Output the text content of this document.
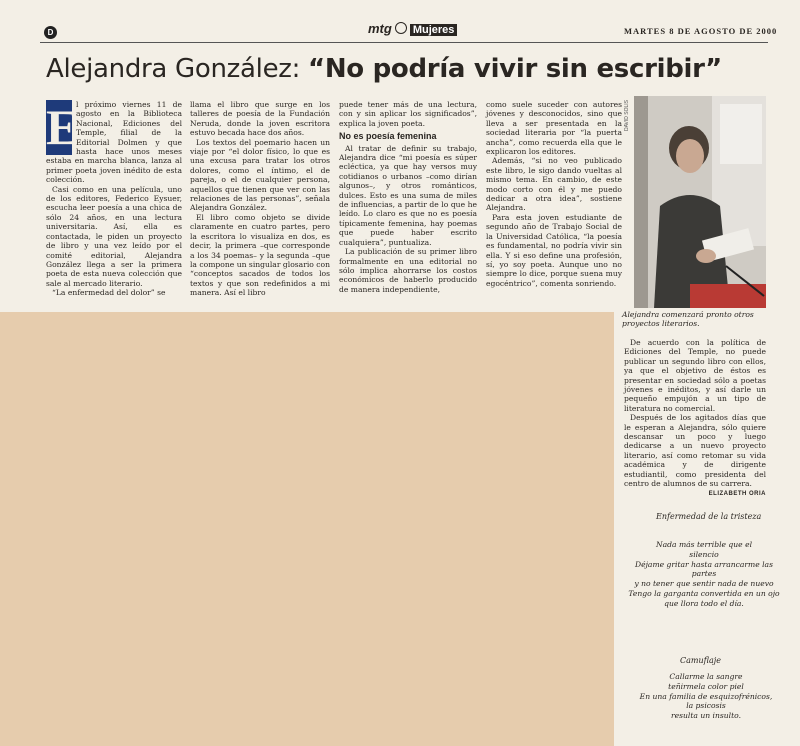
D	mtg Mujeres	MARTES 8 DE AGOSTO DE 2000
Alejandra González: “No podría vivir sin escribir”
E

l próximo viernes 11 de agosto en la Biblioteca Nacional, Ediciones del Temple, filial de la Editorial Dolmen y que hasta hace unos meses estaba en marcha blanca, lanza al primer poeta joven inédito de esta colección.

Casi como en una película, uno de los editores, Federico Eysuer, escucha leer poesía a una chica de sólo 24 años, en una lectura universitaria. Así, ella es contactada, le piden un proyecto de libro y una vez leído por el comité editorial, Alejandra González llega a ser la primera poeta de esta nueva colección que sale al mercado literario.

“La enfermedad del dolor” se

llama el libro que surge en los talleres de poesía de la Fundación Neruda, donde la joven escritora estuvo becada hace dos años.

Los textos del poemario hacen un viaje por “el dolor físico, lo que es una excusa para tratar los otros dolores, como el íntimo, el de pareja, o el de cualquier persona, aquellos que tienen que ver con las relaciones de las personas”, señala Alejandra González.

El libro como objeto se divide claramente en cuatro partes, pero la escritora lo visualiza en dos, es decir, la primera –que corresponde a los 34 poemas– y la segunda –que la compone un singular glosario con “conceptos sacados de todos los textos y que son redefinidos a mi manera. Así el libro

puede tener más de una lectura, con y sin aplicar los significados”, explica la joven poeta.

No es poesía femenina

Al tratar de definir su trabajo, Alejandra dice “mi poesía es súper ecléctica, ya que hay versos muy cotidianos o urbanos –como dirían algunos–, y otros románticos, dulces. Esto es una suma de miles de influencias, a partir de lo que he leído. Lo claro es que no es poesía típicamente femenina, hay poemas que puede haber escrito cualquiera”, puntualiza.

La publicación de su primer libro formalmente en una editorial no sólo implica ahorrarse los costos económicos de haberlo producido de manera independiente,

como suele suceder con autores jóvenes y desconocidos, sino que lleva a ser presentada en la sociedad literaria por “la puerta ancha”, como recuerda ella que le explicaron los editores.

Además, “si no veo publicado este libro, le sigo dando vueltas al mismo tema. En cambio, de este modo corto con él y me puedo dedicar a otra idea”, sostiene Alejandra.

Para esta joven estudiante de segundo año de Trabajo Social de la Universidad Católica, “la poesía es fundamental, no podría vivir sin ella. Y si eso define una profesión, sí, yo soy poeta. Aunque uno no siempre lo dice, porque suena muy egocéntrico”, comenta sonriendo.

DAVID SOLIS
Alejandra comenzará pronto otros proyectos literarios.

De acuerdo con la política de Ediciones del Temple, no puede publicar un segundo libro con ellos, ya que el objetivo de éstos es presentar en sociedad sólo a poetas jóvenes e inéditos, y así darle un pequeño empujón a un tipo de literatura no comercial.

Después de los agitados días que le esperan a Alejandra, sólo quiere descansar un poco y luego dedicarse a un nuevo proyecto literario, así como retomar su vida académica y de dirigente estudiantil, como presidenta del centro de alumnos de su carrera.

ELIZABETH ORIA
Enfermedad de la tristeza
Nada más terrible que el
silencio
Déjame gritar hasta arrancarme las partes
y no tener que sentir nada de nuevo
Tengo la garganta convertida en un ojo
que llora todo el día.
Camuflaje
Callarme la sangre
teñirmela color piel
En una familia de esquizofrénicos,
la psicosis
resulta un insulto.
